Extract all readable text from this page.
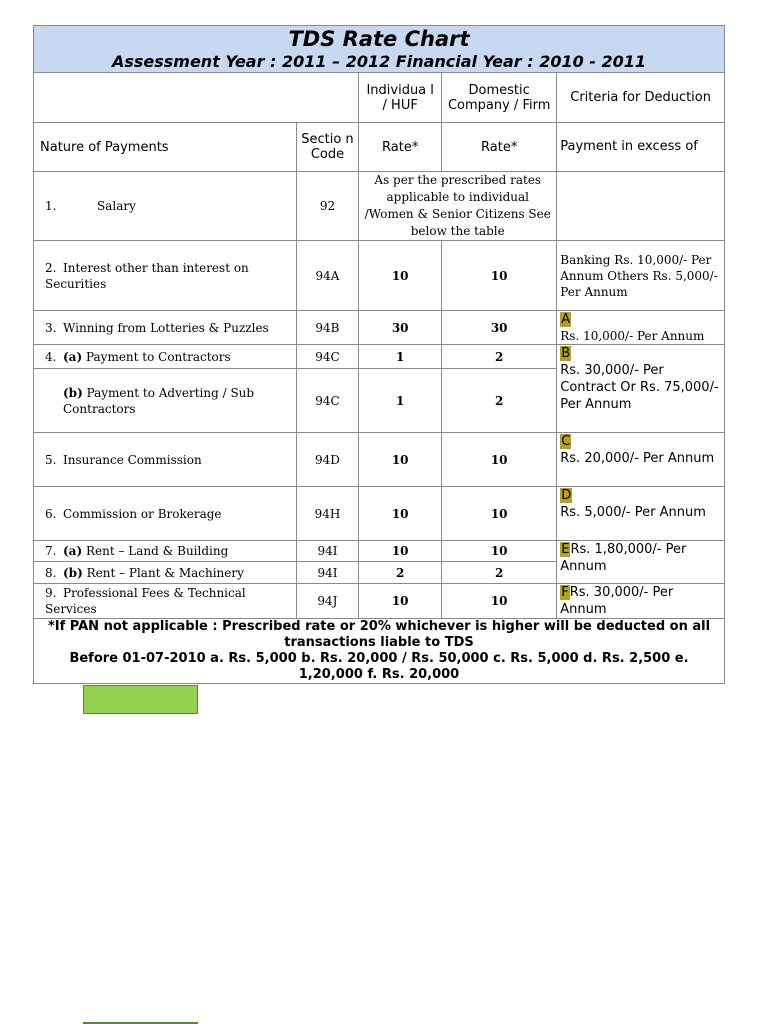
TDS Rate Chart
Assessment Year : 2011 – 2012 Financial Year : 2010 - 2011				

		Individua l / HUF	Domestic Company / Firm	Criteria for Deduction
Nature of Payments	Sectio n Code	Rate*	Rate*	Payment in excess of
1. Salary	92	As per the prescribed rates applicable to individual /Women & Senior Citizens See below the table		

2. Interest other than interest on Securities	94A	10	10	Banking Rs. 10,000/- Per Annum Others Rs. 5,000/- Per Annum

3. Winning from Lotteries & Puzzles	94B	30	30	A
Rs. 10,000/- Per Annum

4. (a) Payment to Contractors	94C	1	2	B
Rs. 30,000/- Per Contract Or Rs. 75,000/- Per Annum

(b) Payment to Adverting / Sub Contractors	94C	1	2	

5. Insurance Commission	94D	10	10	C
Rs. 20,000/- Per Annum

6. Commission or Brokerage	94H	10	10	D
Rs. 5,000/- Per Annum

7. (a) Rent – Land & Building	94I	10	10	ERs. 1,80,000/- Per Annum

8. (b) Rent – Plant & Machinery	94I	2	2	

9. Professional Fees & Technical Services	94J	10	10	FRs. 30,000/- Per Annum

*If PAN not applicable : Prescribed rate or 20% whichever is higher will be deducted on all transactions liable to TDS
Before 01-07-2010 a. Rs. 5,000 b. Rs. 20,000 / Rs. 50,000 c. Rs. 5,000 d. Rs. 2,500 e. 1,20,000 f. Rs. 20,000				
